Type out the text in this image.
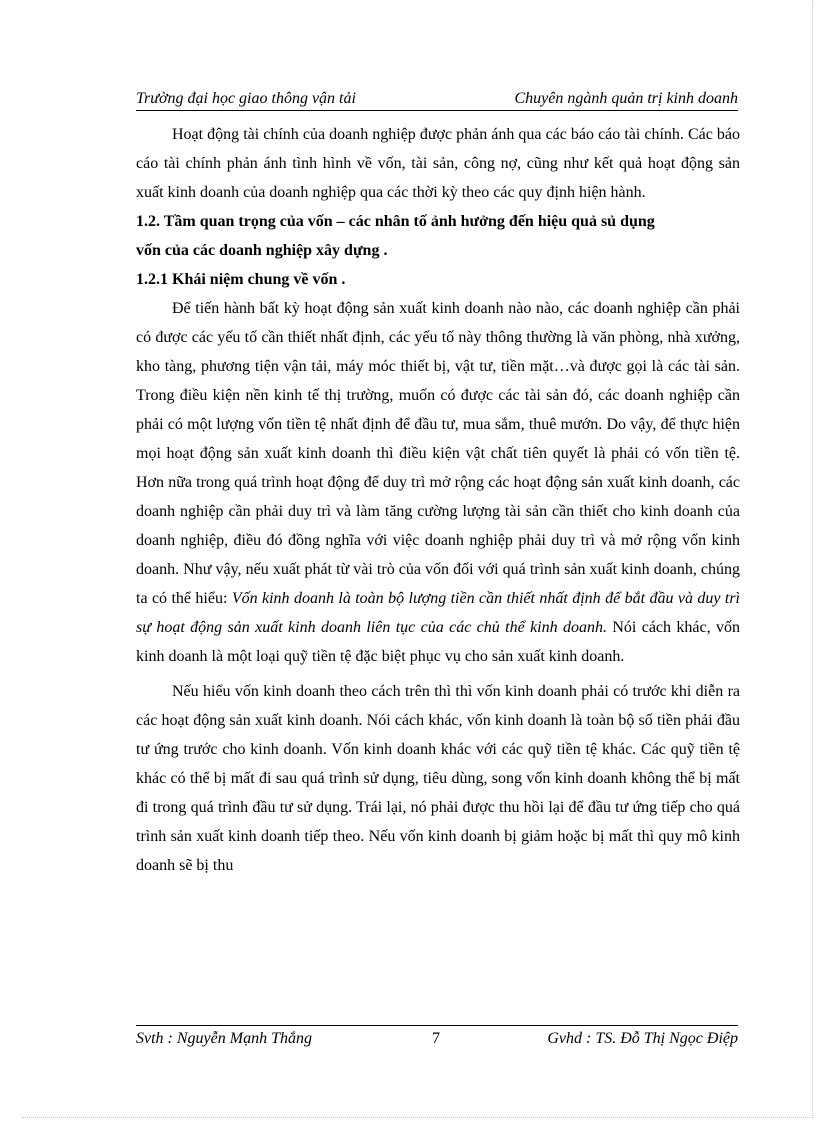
Trường đại học giao thông vận tải	Chuyên ngành quản trị kinh doanh

Hoạt động tài chính của doanh nghiệp được phản ánh qua các báo cáo tài chính. Các báo cáo tài chính phản ánh tình hình về vốn, tài sản, công nợ, cũng như kết quả hoạt động sản xuất kinh doanh của doanh nghiệp qua các thời kỳ theo các quy định hiện hành.

1.2. Tầm quan trọng của vốn – các nhân tố ảnh hưởng đến hiệu quả sủ dụng
vốn của các doanh nghiệp xây dựng .
1.2.1 Khái niệm chung về vốn .

Để tiến hành bất kỳ hoạt động sản xuất kinh doanh nào nào, các doanh nghiệp cần phải có được các yếu tố cần thiết nhất định, các yếu tố này thông thường là văn phòng, nhà xưởng, kho tàng, phương tiện vận tải, máy móc thiết bị, vật tư, tiền mặt…và được gọi là các tài sản. Trong điều kiện nền kinh tế thị trường, muốn có được các tài sản đó, các doanh nghiệp cần phải có một lượng vốn tiền tệ nhất định để đầu tư, mua sắm, thuê mướn. Do vậy, để thực hiện mọi hoạt động sản xuất kinh doanh thì điều kiện vật chất tiên quyết là phải có vốn tiền tệ. Hơn nữa trong quá trình hoạt động để duy trì mở rộng các hoạt động sản xuất kinh doanh, các doanh nghiệp cần phải duy trì và làm tăng cường lượng tài sản cần thiết cho kinh doanh của doanh nghiệp, điều đó đồng nghĩa với việc doanh nghiệp phải duy trì và mở rộng vốn kinh doanh. Như vậy, nếu xuất phát từ vài trò của vốn đối với quá trình sản xuất kinh doanh, chúng ta có thể hiểu: Vốn kinh doanh là toàn bộ lượng tiền cần thiết nhất định để bắt đầu và duy trì sự hoạt động sản xuất kinh doanh liên tục của các chủ thể kinh doanh. Nói cách khác, vốn kinh doanh là một loại quỹ tiền tệ đặc biệt phục vụ cho sản xuất kinh doanh.

Nếu hiểu vốn kinh doanh theo cách trên thì thì vốn kinh doanh phải có trước khi diễn ra các hoạt động sản xuất kinh doanh. Nói cách khác, vốn kinh doanh là toàn bộ số tiền phải đầu tư ứng trước cho kinh doanh. Vốn kinh doanh khác với các quỹ tiền tệ khác. Các quỹ tiền tệ khác có thể bị mất đi sau quá trình sử dụng, tiêu dùng, song vốn kinh doanh không thể bị mất đi trong quá trình đầu tư sử dụng. Trái lại, nó phải được thu hồi lại để đầu tư ứng tiếp cho quá trình sản xuất kinh doanh tiếp theo. Nếu vốn kinh doanh bị giảm hoặc bị mất thì quy mô kinh doanh sẽ bị thu

Svth : Nguyễn Mạnh Thắng	7	Gvhd : TS. Đỗ Thị Ngọc Điệp
